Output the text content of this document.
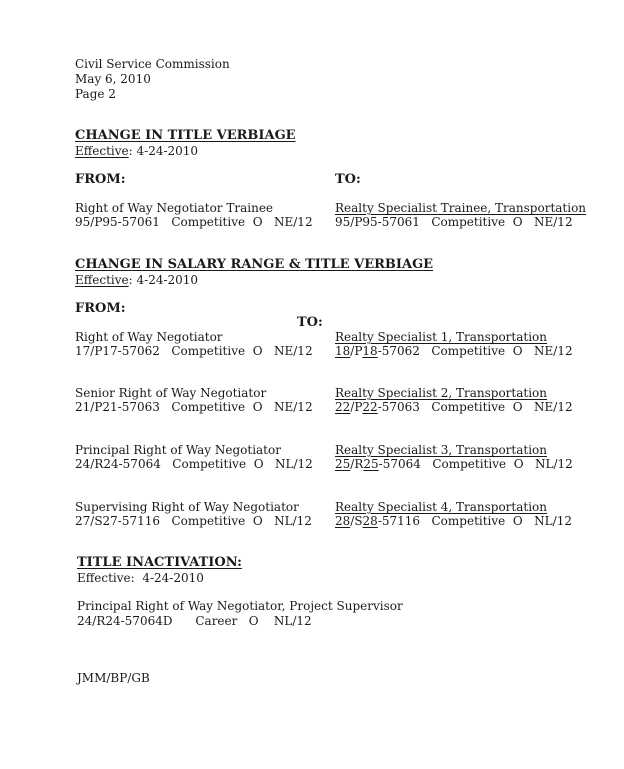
Civil Service Commission

May 6, 2010

Page 2

CHANGE IN TITLE VERBIAGE

Effective: 4-24-2010

FROM:	TO:

Right of Way Negotiator Trainee

95/P95-57061   Competitive  O   NE/12

Realty Specialist Trainee, Transportation

95/P95-57061   Competitive  O   NE/12

CHANGE IN SALARY RANGE & TITLE VERBIAGE

Effective: 4-24-2010

FROM:

TO:

Right of Way Negotiator

17/P17-57062   Competitive  O   NE/12

Realty Specialist 1, Transportation

18/P18-57062   Competitive  O   NE/12

Senior Right of Way Negotiator

21/P21-57063   Competitive  O   NE/12

Realty Specialist 2, Transportation

22/P22-57063   Competitive  O   NE/12

Principal Right of Way Negotiator

24/R24-57064   Competitive  O   NL/12

Realty Specialist 3, Transportation

25/R25-57064   Competitive  O   NL/12

Supervising Right of Way Negotiator

27/S27-57116   Competitive  O   NL/12

Realty Specialist 4, Transportation

28/S28-57116   Competitive  O   NL/12

TITLE INACTIVATION:

Effective:  4-24-2010

Principal Right of Way Negotiator, Project Supervisor

24/R24-57064D      Career   O    NL/12

JMM/BP/GB
